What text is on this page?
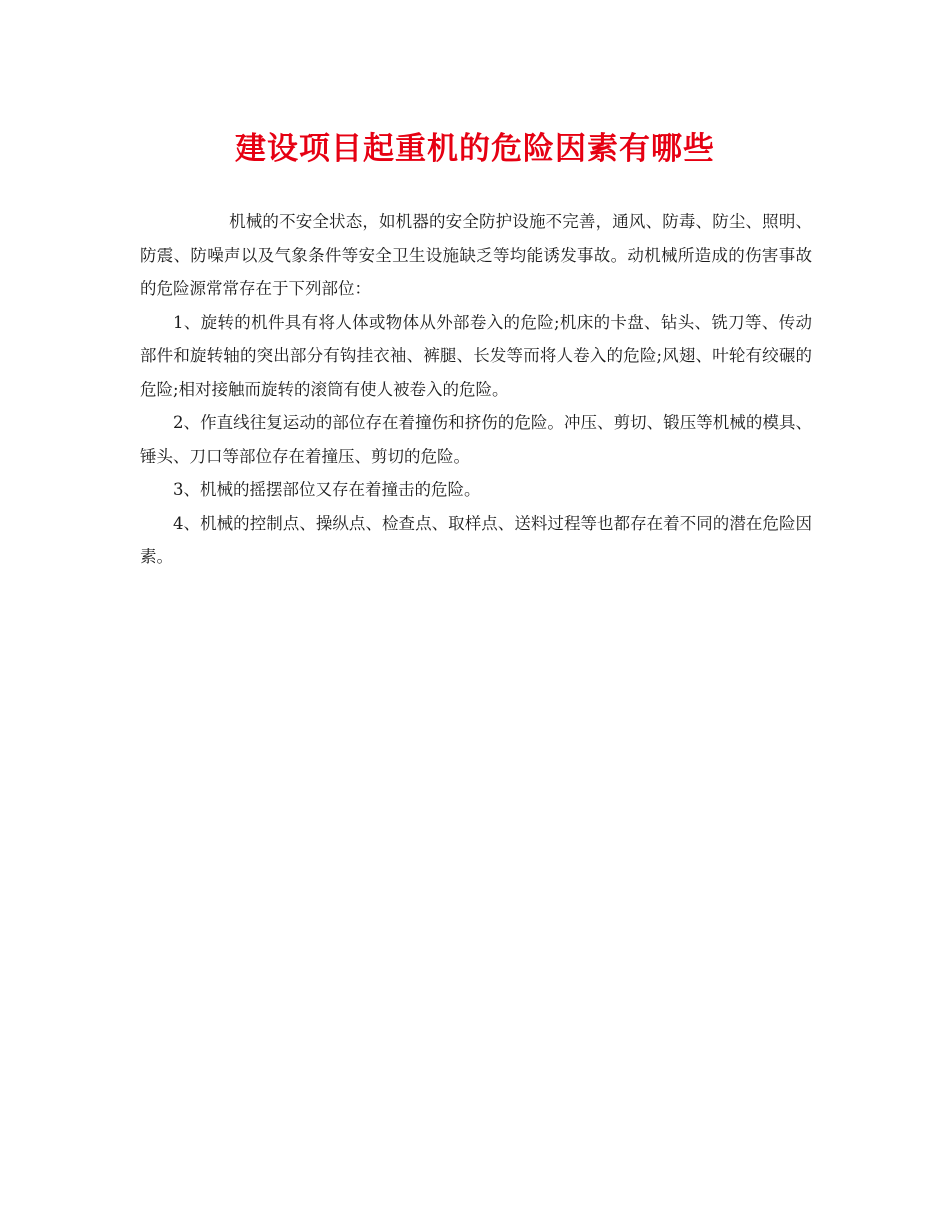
建设项目起重机的危险因素有哪些

机械的不安全状态，如机器的安全防护设施不完善，通风、防毒、防尘、照明、防震、防噪声以及气象条件等安全卫生设施缺乏等均能诱发事故。动机械所造成的伤害事故的危险源常常存在于下列部位：

1、旋转的机件具有将人体或物体从外部卷入的危险;机床的卡盘、钻头、铣刀等、传动部件和旋转轴的突出部分有钩挂衣袖、裤腿、长发等而将人卷入的危险;风翅、叶轮有绞碾的危险;相对接触而旋转的滚筒有使人被卷入的危险。

2、作直线往复运动的部位存在着撞伤和挤伤的危险。冲压、剪切、锻压等机械的模具、锤头、刀口等部位存在着撞压、剪切的危险。

3、机械的摇摆部位又存在着撞击的危险。

4、机械的控制点、操纵点、检查点、取样点、送料过程等也都存在着不同的潜在危险因素。
